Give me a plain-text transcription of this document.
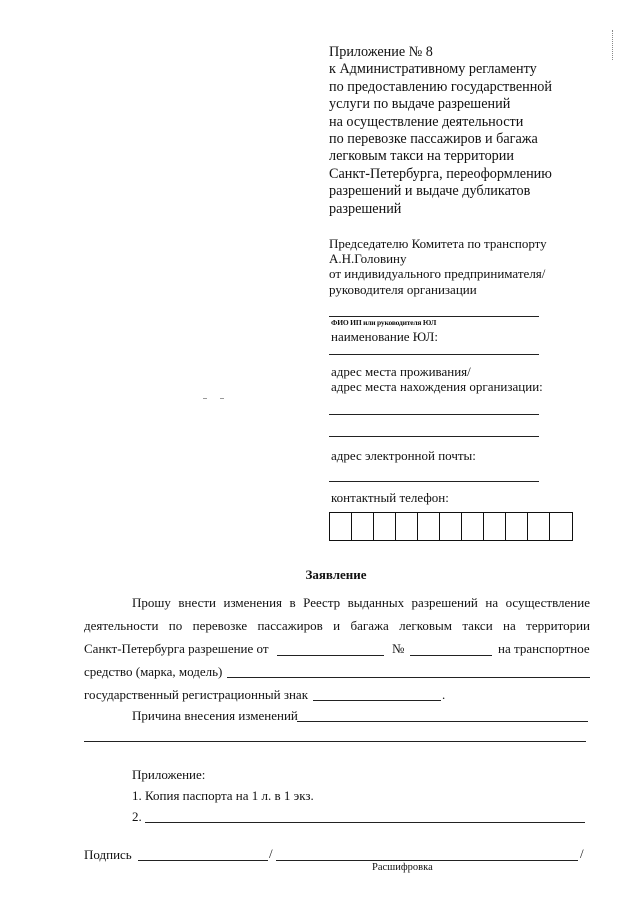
Приложение № 8
к Административному регламенту
по предоставлению государственной
услуги по выдаче разрешений
на осуществление деятельности
по перевозке пассажиров и багажа
легковым такси на территории
Санкт-Петербурга, переоформлению
разрешений и выдаче дубликатов
разрешений
Председателю Комитета по транспорту
А.Н.Головину
от индивидуального предпринимателя/
руководителя организации
ФИО ИП или руководителя ЮЛ
наименование ЮЛ:
адрес места проживания/
адрес места нахождения организации:
адрес электронной почты:
контактный телефон:
Заявление
Прошу внести изменения в Реестр выданных разрешений на осуществление
деятельности по перевозке пассажиров и багажа легковым такси на территории
Санкт-Петербурга разрешение от	№	на транспортное
средство (марка, модель)
государственный регистрационный знак	.
Причина внесения изменений
Приложение:
1. Копия паспорта на 1 л. в 1 экз.
2.
Подпись	/	/
Расшифровка
